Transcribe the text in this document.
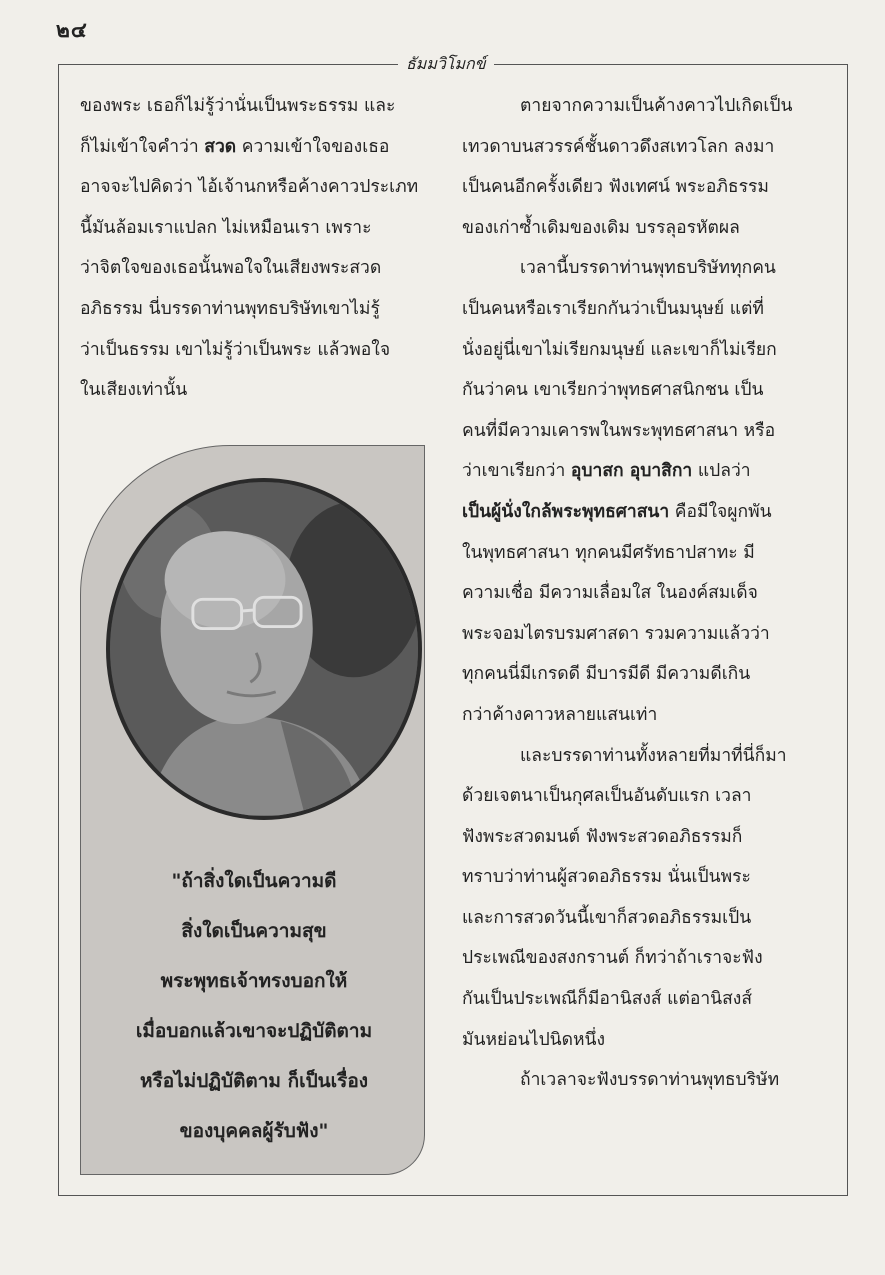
๒๔
ธัมมวิโมกข์

ของพระ เธอก็ไม่รู้ว่านั่นเป็นพระธรรม และ

ก็ไม่เข้าใจคำว่า สวด ความเข้าใจของเธอ

อาจจะไปคิดว่า ไอ้เจ้านกหรือค้างคาวประเภท

นี้มันล้อมเราแปลก ไม่เหมือนเรา เพราะ

ว่าจิตใจของเธอนั้นพอใจในเสียงพระสวด

อภิธรรม นี่บรรดาท่านพุทธบริษัทเขาไม่รู้

ว่าเป็นธรรม เขาไม่รู้ว่าเป็นพระ แล้วพอใจ

ในเสียงเท่านั้น

"ถ้าสิ่งใดเป็นความดี
สิ่งใดเป็นความสุข
พระพุทธเจ้าทรงบอกให้
เมื่อบอกแล้วเขาจะปฏิบัติตาม
หรือไม่ปฏิบัติตาม ก็เป็นเรื่อง
ของบุคคลผู้รับฟัง"

ตายจากความเป็นค้างคาวไปเกิดเป็น

เทวดาบนสวรรค์ชั้นดาวดึงสเทวโลก ลงมา

เป็นคนอีกครั้งเดียว ฟังเทศน์ พระอภิธรรม

ของเก่าซ้ำเดิมของเดิม บรรลุอรหัตผล

เวลานี้บรรดาท่านพุทธบริษัททุกคน

เป็นคนหรือเราเรียกกันว่าเป็นมนุษย์ แต่ที่

นั่งอยู่นี่เขาไม่เรียกมนุษย์ และเขาก็ไม่เรียก

กันว่าคน เขาเรียกว่าพุทธศาสนิกชน เป็น

คนที่มีความเคารพในพระพุทธศาสนา หรือ

ว่าเขาเรียกว่า อุบาสก อุบาสิกา แปลว่า

เป็นผู้นั่งใกล้พระพุทธศาสนา คือมีใจผูกพัน

ในพุทธศาสนา ทุกคนมีศรัทธาปสาทะ มี

ความเชื่อ มีความเลื่อมใส ในองค์สมเด็จ

พระจอมไตรบรมศาสดา รวมความแล้วว่า

ทุกคนนี่มีเกรดดี มีบารมีดี มีความดีเกิน

กว่าค้างคาวหลายแสนเท่า

และบรรดาท่านทั้งหลายที่มาที่นี่ก็มา

ด้วยเจตนาเป็นกุศลเป็นอันดับแรก เวลา

ฟังพระสวดมนต์ ฟังพระสวดอภิธรรมก็

ทราบว่าท่านผู้สวดอภิธรรม นั่นเป็นพระ

และการสวดวันนี้เขาก็สวดอภิธรรมเป็น

ประเพณีของสงกรานต์ ก็ทว่าถ้าเราจะฟัง

กันเป็นประเพณีก็มีอานิสงส์ แต่อานิสงส์

มันหย่อนไปนิดหนึ่ง

ถ้าเวลาจะฟังบรรดาท่านพุทธบริษัท
